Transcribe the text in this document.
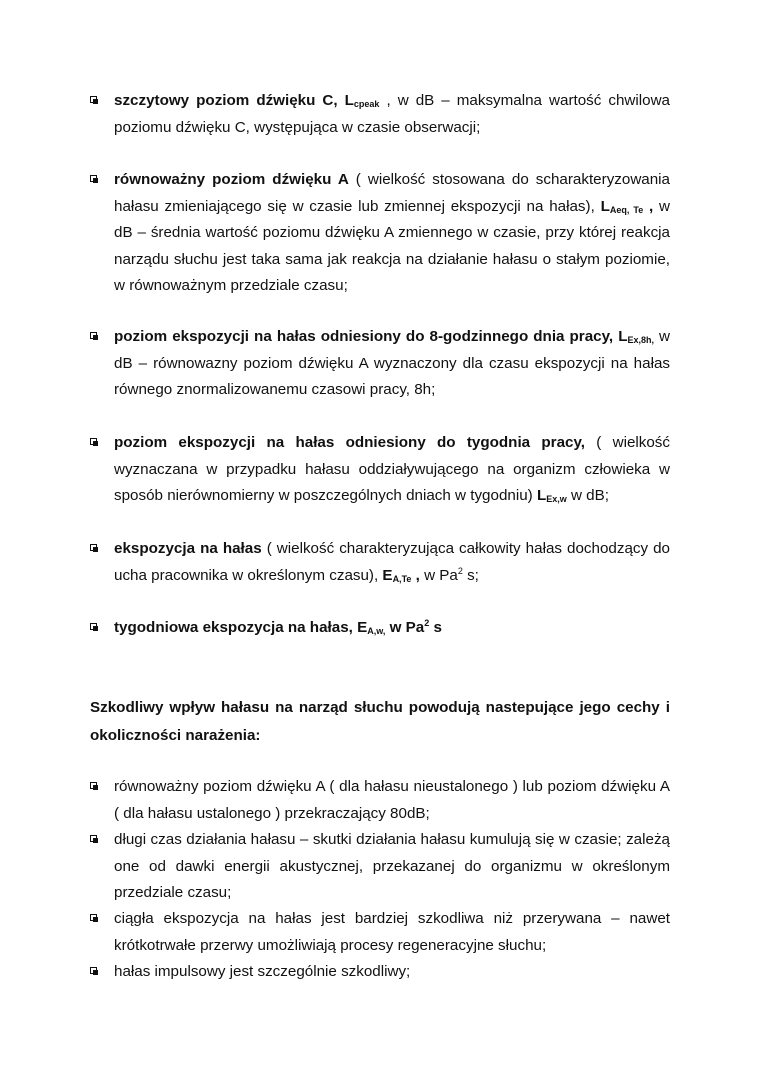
szczytowy poziom dźwięku C, $L_{cpeak}$ , w dB – maksymalna wartość chwilowa poziomu dźwięku C, występująca w czasie obserwacji;
równoważny poziom dźwięku A ( wielkość stosowana do scharakteryzowania hałasu zmieniającego się w czasie lub zmiennej ekspozycji na hałas), $L_{Aeq, Te}$ , w dB – średnia wartość poziomu dźwięku A zmiennego w czasie, przy której reakcja narządu słuchu jest taka sama jak reakcja na działanie hałasu o stałym poziomie, w równoważnym przedziale czasu;
poziom ekspozycji na hałas odniesiony do 8-godzinnego dnia pracy, $L_{Ex,8h,}$ w dB – równowazny poziom dźwięku A wyznaczony dla czasu ekspozycji na hałas równego znormalizowanemu czasowi pracy, 8h;
poziom ekspozycji na hałas odniesiony do tygodnia pracy, ( wielkość wyznaczana w przypadku hałasu oddziaływującego na organizm człowieka w sposób nierównomierny w poszczególnych dniach w tygodniu) $L_{Ex,w}$ w dB;
ekspozycja na hałas ( wielkość charakteryzująca całkowity hałas dochodzący do ucha pracownika w określonym czasu), $E_{A,Te}$ , w Pa$^2$ s;
tygodniowa ekspozycja na hałas, $E_{A,w,}$ w Pa$^2$ s
Szkodliwy wpływ hałasu na narząd słuchu powodują nastepujące jego cechy i okoliczności narażenia:
równoważny poziom dźwięku A ( dla hałasu nieustalonego ) lub poziom dźwięku A ( dla hałasu ustalonego ) przekraczający 80dB;
długi czas działania hałasu – skutki działania hałasu kumulują się w czasie; zależą one od dawki energii akustycznej, przekazanej do organizmu w określonym przedziale czasu;
ciągła ekspozycja na hałas jest bardziej szkodliwa niż przerywana – nawet krótkotrwałe przerwy umożliwiają procesy regeneracyjne słuchu;
hałas impulsowy jest szczególnie szkodliwy;
